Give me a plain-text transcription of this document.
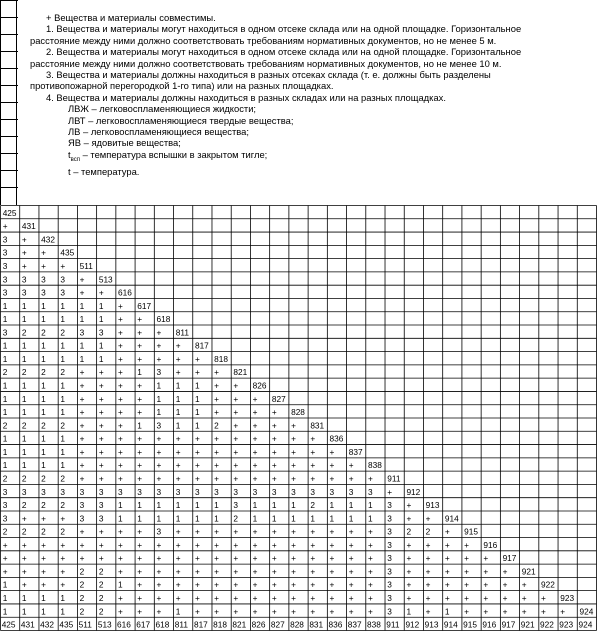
+ Вещества и материалы совместимы.

1. Вещества и материалы могут находиться в одном отсеке склада или на одной площадке. Горизонтальное

расстояние между ними должно соответствовать требованиям нормативных документов, но не менее 5 м.

2. Вещества и материалы могут находиться в одном отсеке склада или на одной площадке. Горизонтальное

расстояние между ними должно соответствовать требованиям нормативных документов, но не менее 10 м.

3. Вещества и материалы должны находиться в разных отсеках склада (т. е. должны быть разделены

противопожарной перегородкой 1-го типа) или на разных площадках.

4. Вещества и материалы должны находиться в разных складах или на разных площадках.

ЛВЖ – легковоспламеняющиеся жидкости;

ЛВТ – легковоспламеняющиеся твердые вещества;

ЛВ – легковоспламеняющиеся вещества;

ЯВ – ядовитые вещества;

$t_{всп}$ – температура вспышки в закрытом тигле;

t – температура.

425
+ 431
3 + 432
3 + + 435
3 + + + 511
3 3 3 3 + 513
3 3 3 3 + + 616
1 1 1 1 1 1 + 617
1 1 1 1 1 1 + + 618
3 2 2 2 3 3 + + + 811
1 1 1 1 1 1 + + + + 817
1 1 1 1 1 1 + + + + + 818
2 2 2 2 + + + 1 3 + + + 821
1 1 1 1 + + + + 1 1 1 + + 826
1 1 1 1 + + + + 1 1 1 + + + 827
1 1 1 1 + + + + 1 1 1 + + + + 828
2 2 2 2 + + + 1 3 1 1 2 + + + + 831
1 1 1 1 + + + + + + + + + + + + + 836
1 1 1 1 + + + + + + + + + + + + + + 837
1 1 1 1 + + + + + + + + + + + + + + + 838
2 2 2 2 + + + + + + + + + + + + + + + + 911
3 3 3 3 3 3 3 3 3 3 3 3 3 3 3 3 3 3 3 3 + 912
3 2 2 2 3 3 1 1 1 1 1 1 3 1 1 1 2 1 1 1 3 + 913
3 + + + 3 3 1 1 1 1 1 1 2 1 1 1 1 1 1 1 3 + + 914
2 2 2 2 + + + + 3 + + + + + + + + + + + 3 2 2 + 915
+ + + + + + + + + + + + + + + + + + + + 3 + + + + 916
+ + + + + + + + + + + + + + + + + + + + 3 + + + + + 917
+ + + + 2 2 + + + + + + + + + + + + + + 3 + + + + + + 921
1 + + + 2 2 1 + + + + + + + + + + + + + 3 + + + + + + + 922
1 1 1 1 2 2 + + + + + + + + + + + + + + 3 + + + + + + + + 923
1 1 1 1 2 2 + + + 1 + + + + + + + + + + 3 1 + 1 + + + + + + 924
425 431 432 435 511 513 616 617 618 811 817 818 821 826 827 828 831 836 837 838 911 912 913 914 915 916 917 921 922 923 924
